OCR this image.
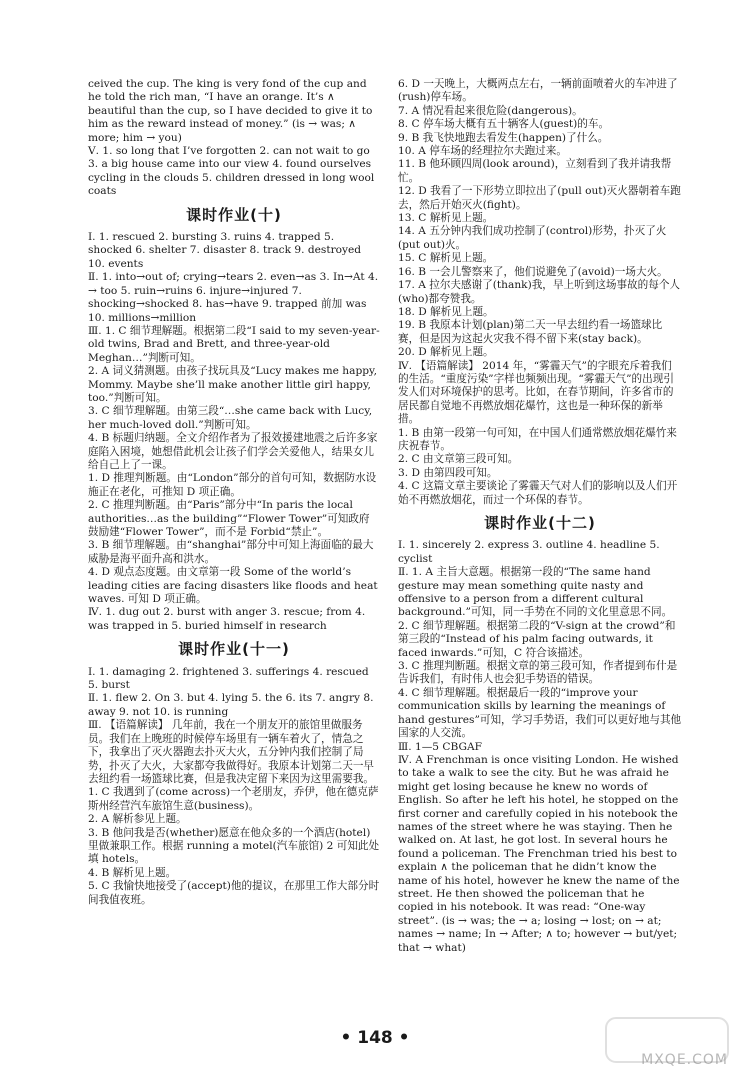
ceived the cup. The king is very fond of the cup and he told the rich man, “I have an orange. It’s ∧ beautiful than the cup, so I have decided to give it to him as the reward instead of money.” (is → was; ∧ more; him → you)
Ⅴ. 1. so long that I’ve forgotten 2. can not wait to go 3. a big house came into our view 4. found ourselves cycling in the clouds 5. children dressed in long wool coats
课时作业(十)
Ⅰ. 1. rescued 2. bursting 3. ruins 4. trapped 5. shocked 6. shelter 7. disaster 8. track 9. destroyed 10. events
Ⅱ. 1. into→out of; crying→tears 2. even→as 3. In→At 4. → too 5. ruin→ruins 6. injure→injured 7. shocking→shocked 8. has→have 9. trapped 前加 was 10. millions→million
Ⅲ. 1. C 细节理解题。根据第二段“I said to my seven-year-old twins, Brad and Brett, and three-year-old Meghan…”判断可知。
2. A 词义猜测题。由孩子找玩具及“Lucy makes me happy, Mommy. Maybe she’ll make another little girl happy, too.”判断可知。
3. C 细节理解题。由第三段“…she came back with Lucy, her much-loved doll.”判断可知。
4. B 标题归纳题。全文介绍作者为了报效援建地震之后许多家庭陷入困境，她想借此机会让孩子们学会关爱他人，结果女儿给自己上了一课。
1. D 推理判断题。由“London”部分的首句可知，数据防水设施正在老化，可推知 D 项正确。
2. C 推理判断题。由“Paris”部分中“In paris the local authorities…as the building”“Flower Tower”可知政府鼓励建“Flower Tower”，而不是 Forbid“禁止”。
3. B 细节理解题。由“shanghai”部分中可知上海面临的最大威胁是海平面升高和洪水。
4. D 观点态度题。由文章第一段 Some of the world’s leading cities are facing disasters like floods and heat waves. 可知 D 项正确。
Ⅳ. 1. dug out 2. burst with anger 3. rescue; from 4. was trapped in 5. buried himself in research
课时作业(十一)
Ⅰ. 1. damaging 2. frightened 3. sufferings 4. rescued 5. burst
Ⅱ. 1. flew 2. On 3. but 4. lying 5. the 6. its 7. angry 8. away 9. not 10. is running
Ⅲ. 【语篇解读】 几年前，我在一个朋友开的旅馆里做服务员。我们在上晚班的时候停车场里有一辆车着火了，情急之下，我拿出了灭火器跑去扑灭大火，五分钟内我们控制了局势，扑灭了大火，大家都夸我做得好。我原本计划第二天一早去纽约看一场篮球比赛，但是我决定留下来因为这里需要我。
1. C 我遇到了(come across)一个老朋友，乔伊，他在德克萨斯州经营汽车旅馆生意(business)。
2. A 解析参见上题。
3. B 他问我是否(whether)愿意在他众多的一个酒店(hotel)里做兼职工作。根据 running a motel(汽车旅馆) 2 可知此处填 hotels。
4. B 解析见上题。
5. C 我愉快地接受了(accept)他的提议，在那里工作大部分时间我值夜班。
6. D 一天晚上，大概两点左右，一辆前面喷着火的车冲进了(rush)停车场。
7. A 情况看起来很危险(dangerous)。
8. C 停车场大概有五十辆客人(guest)的车。
9. B 我飞快地跑去看发生(happen)了什么。
10. A 停车场的经理拉尔夫跑过来。
11. B 他环顾四周(look around)，立刻看到了我并请我帮忙。
12. D 我看了一下形势立即拉出了(pull out)灭火器朝着车跑去，然后开始灭火(fight)。
13. C 解析见上题。
14. A 五分钟内我们成功控制了(control)形势，扑灭了火(put out)火。
15. C 解析见上题。
16. B 一会儿警察来了，他们说避免了(avoid)一场大火。
17. A 拉尔夫感谢了(thank)我，早上听到这场事故的每个人(who)都夸赞我。
18. D 解析见上题。
19. B 我原本计划(plan)第二天一早去纽约看一场篮球比赛，但是因为这起火灾我不得不留下来(stay back)。
20. D 解析见上题。
Ⅳ. 【语篇解读】 2014 年，“雾霾天气”的字眼充斥着我们的生活。“重度污染”字样也频频出现。“雾霾天气”的出现引发人们对环境保护的思考。比如，在春节期间，许多省市的居民都自觉地不再燃放烟花爆竹，这也是一种环保的新举措。
1. B 由第一段第一句可知，在中国人们通常燃放烟花爆竹来庆祝春节。
2. C 由文章第三段可知。
3. D 由第四段可知。
4. C 这篇文章主要谈论了雾霾天气对人们的影响以及人们开始不再燃放烟花，而过一个环保的春节。
课时作业(十二)
Ⅰ. 1. sincerely 2. express 3. outline 4. headline 5. cyclist
Ⅱ. 1. A 主旨大意题。根据第一段的“The same hand gesture may mean something quite nasty and offensive to a person from a different cultural background.”可知，同一手势在不同的文化里意思不同。
2. C 细节理解题。根据第二段的“V-sign at the crowd”和第三段的“Instead of his palm facing outwards, it faced inwards.”可知，C 符合该描述。
3. C 推理判断题。根据文章的第三段可知，作者提到布什是告诉我们，有时伟人也会犯手势语的错误。
4. C 细节理解题。根据最后一段的“improve your communication skills by learning the meanings of hand gestures”可知，学习手势语，我们可以更好地与其他国家的人交流。
Ⅲ. 1—5 CBGAF
Ⅳ. A Frenchman is once visiting London. He wished to take a walk to see the city. But he was afraid he might get losing because he knew no words of English. So after he left his hotel, he stopped on the first corner and carefully copied in his notebook the names of the street where he was staying. Then he walked on. At last, he got lost. In several hours he found a policeman. The Frenchman tried his best to explain ∧ the policeman that he didn’t know the name of his hotel, however he knew the name of the street. He then showed the policeman that he copied in his notebook. It was read: “One-way street”. (is → was; the → a; losing → lost; on → at; names → name; In → After; ∧ to; however → but/yet; that → what)
• 148 •
MXQE.COM
